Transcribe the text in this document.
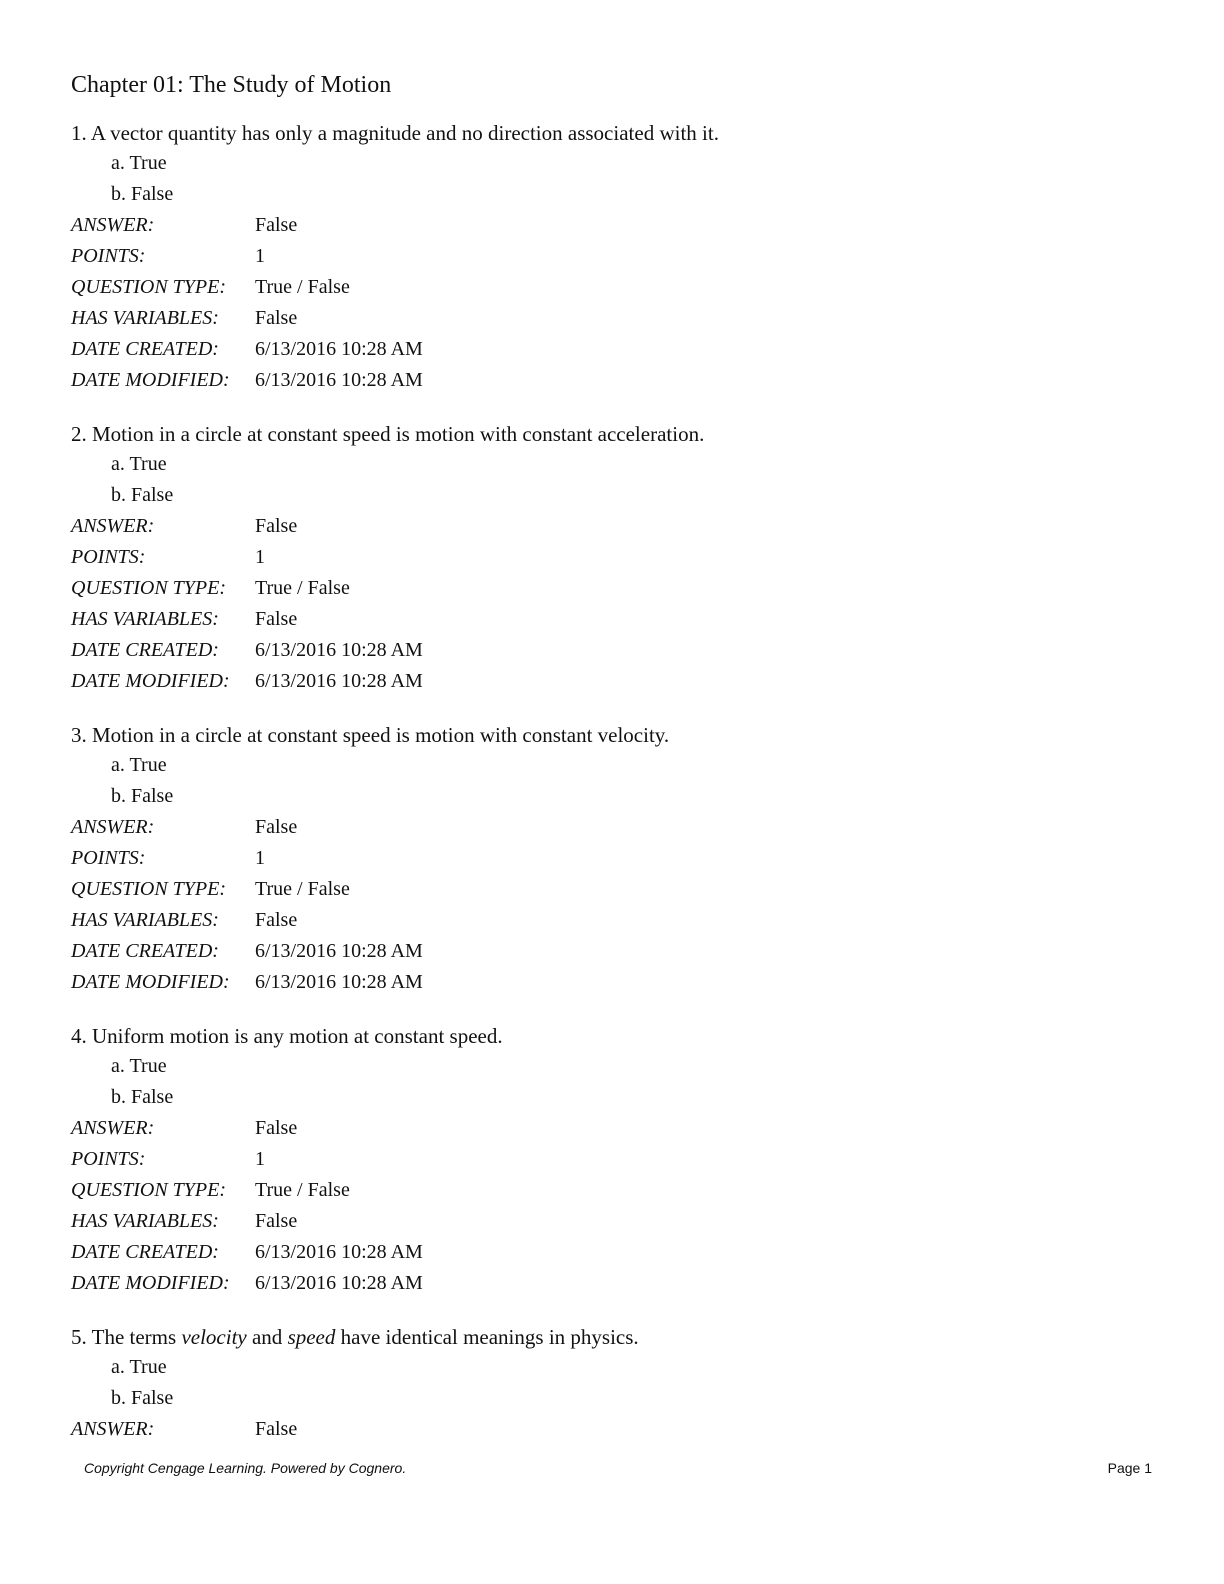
Chapter 01: The Study of Motion
1. A vector quantity has only a magnitude and no direction associated with it.
a. True
b. False
ANSWER:	False
POINTS:	1
QUESTION TYPE:	True / False
HAS VARIABLES:	False
DATE CREATED:	6/13/2016 10:28 AM
DATE MODIFIED:	6/13/2016 10:28 AM
2. Motion in a circle at constant speed is motion with constant acceleration.
a. True
b. False
ANSWER:	False
POINTS:	1
QUESTION TYPE:	True / False
HAS VARIABLES:	False
DATE CREATED:	6/13/2016 10:28 AM
DATE MODIFIED:	6/13/2016 10:28 AM
3. Motion in a circle at constant speed is motion with constant velocity.
a. True
b. False
ANSWER:	False
POINTS:	1
QUESTION TYPE:	True / False
HAS VARIABLES:	False
DATE CREATED:	6/13/2016 10:28 AM
DATE MODIFIED:	6/13/2016 10:28 AM
4. Uniform motion is any motion at constant speed.
a. True
b. False
ANSWER:	False
POINTS:	1
QUESTION TYPE:	True / False
HAS VARIABLES:	False
DATE CREATED:	6/13/2016 10:28 AM
DATE MODIFIED:	6/13/2016 10:28 AM
5. The terms velocity and speed have identical meanings in physics.
a. True
b. False
ANSWER:	False
Copyright Cengage Learning. Powered by Cognero.	Page 1
